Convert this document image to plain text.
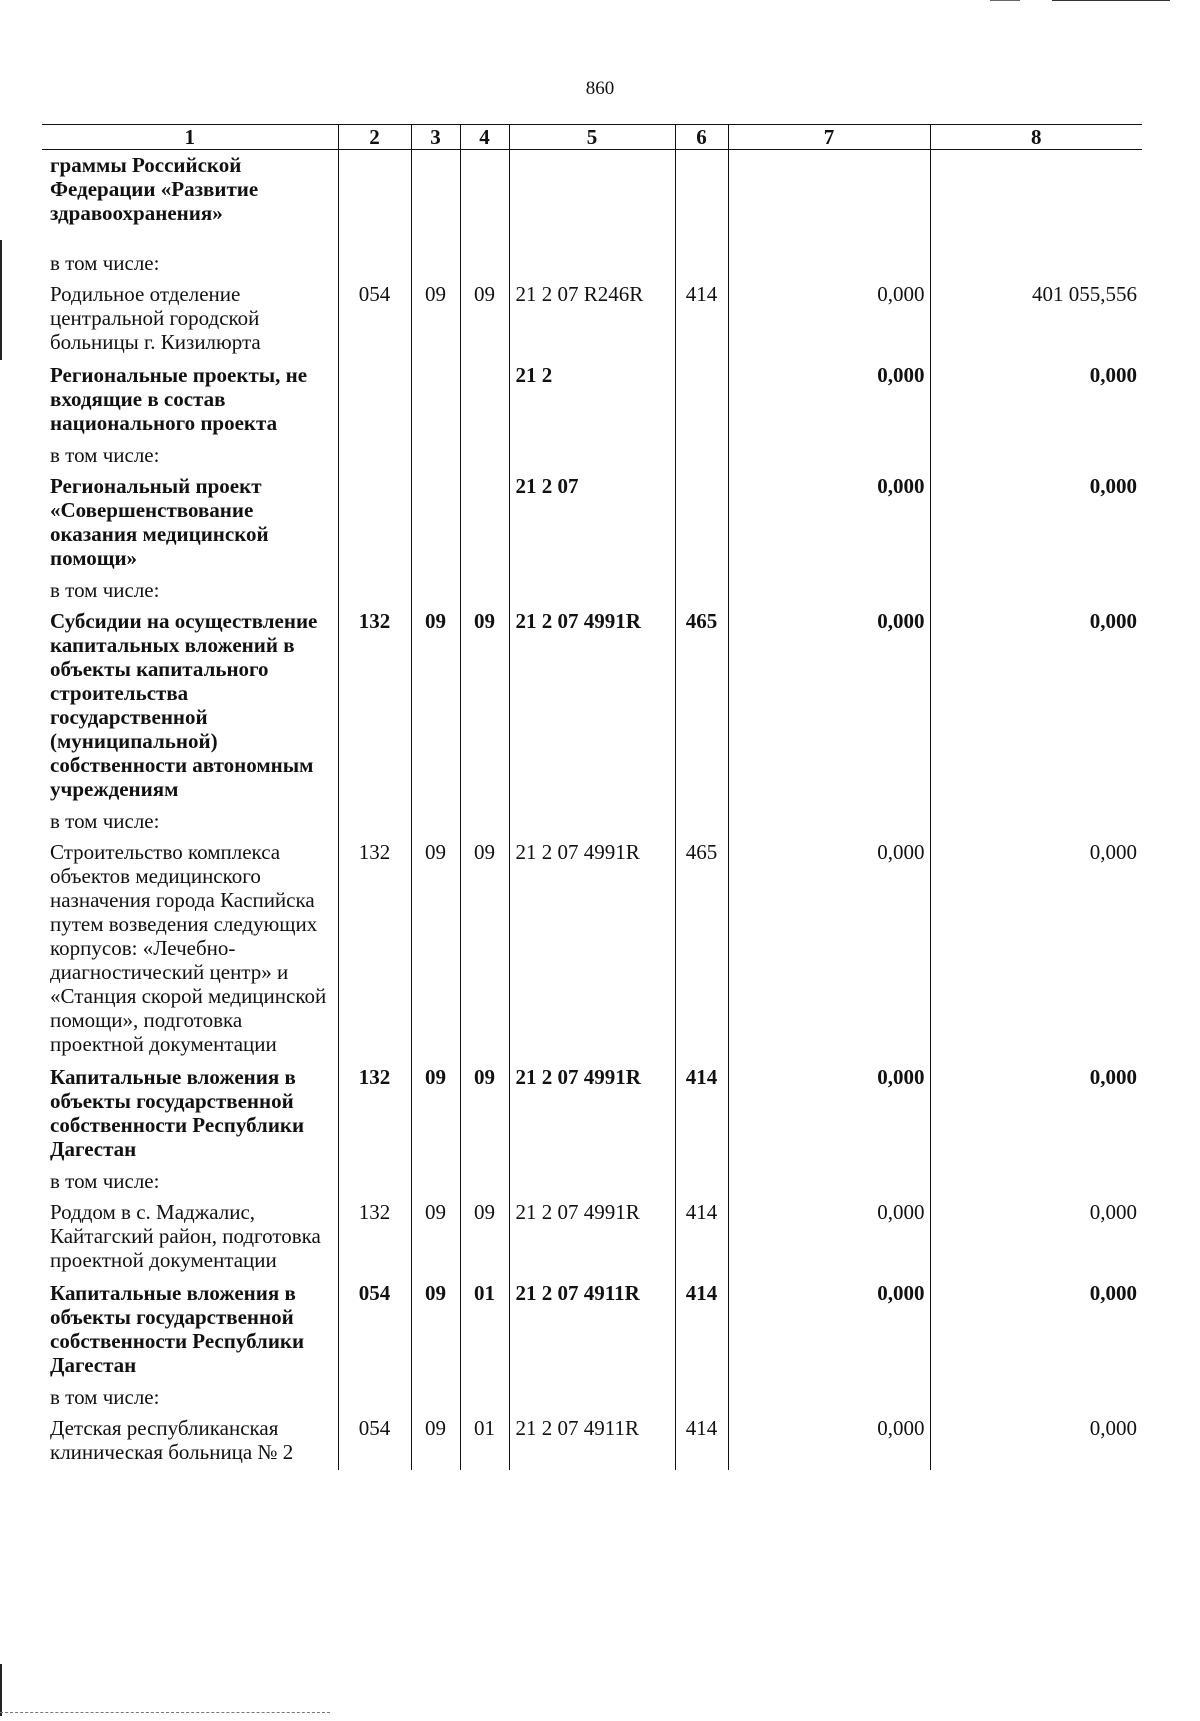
860
1	2	3	4	5	6	7	8
граммы Российской Федерации «Развитие здравоохранения»							
в том числе:							
Родильное отделение центральной городской больницы г. Кизилюрта	054	09	09	21 2 07 R246R	414	0,000	401 055,556
Региональные проекты, не входящие в состав национального проекта				21 2		0,000	0,000
в том числе:							
Региональный проект «Совершенствование оказания медицинской помощи»				21 2 07		0,000	0,000
в том числе:							
Субсидии на осуществление капитальных вложений в объекты капитального строительства государственной (муниципальной) собственности автономным учреждениям	132	09	09	21 2 07 4991R	465	0,000	0,000
в том числе:							
Строительство комплекса объектов медицинского назначения города Каспийска путем возведения следующих корпусов: «Лечебно-диагностический центр» и «Станция скорой медицинской помощи», подготовка проектной документации	132	09	09	21 2 07 4991R	465	0,000	0,000
Капитальные вложения в объекты государственной собственности Республики Дагестан	132	09	09	21 2 07 4991R	414	0,000	0,000
в том числе:							
Роддом в с. Маджалис, Кайтагский район, подготовка проектной документации	132	09	09	21 2 07 4991R	414	0,000	0,000
Капитальные вложения в объекты государственной собственности Республики Дагестан	054	09	01	21 2 07 4911R	414	0,000	0,000
в том числе:							
Детская республиканская клиническая больница № 2	054	09	01	21 2 07 4911R	414	0,000	0,000
